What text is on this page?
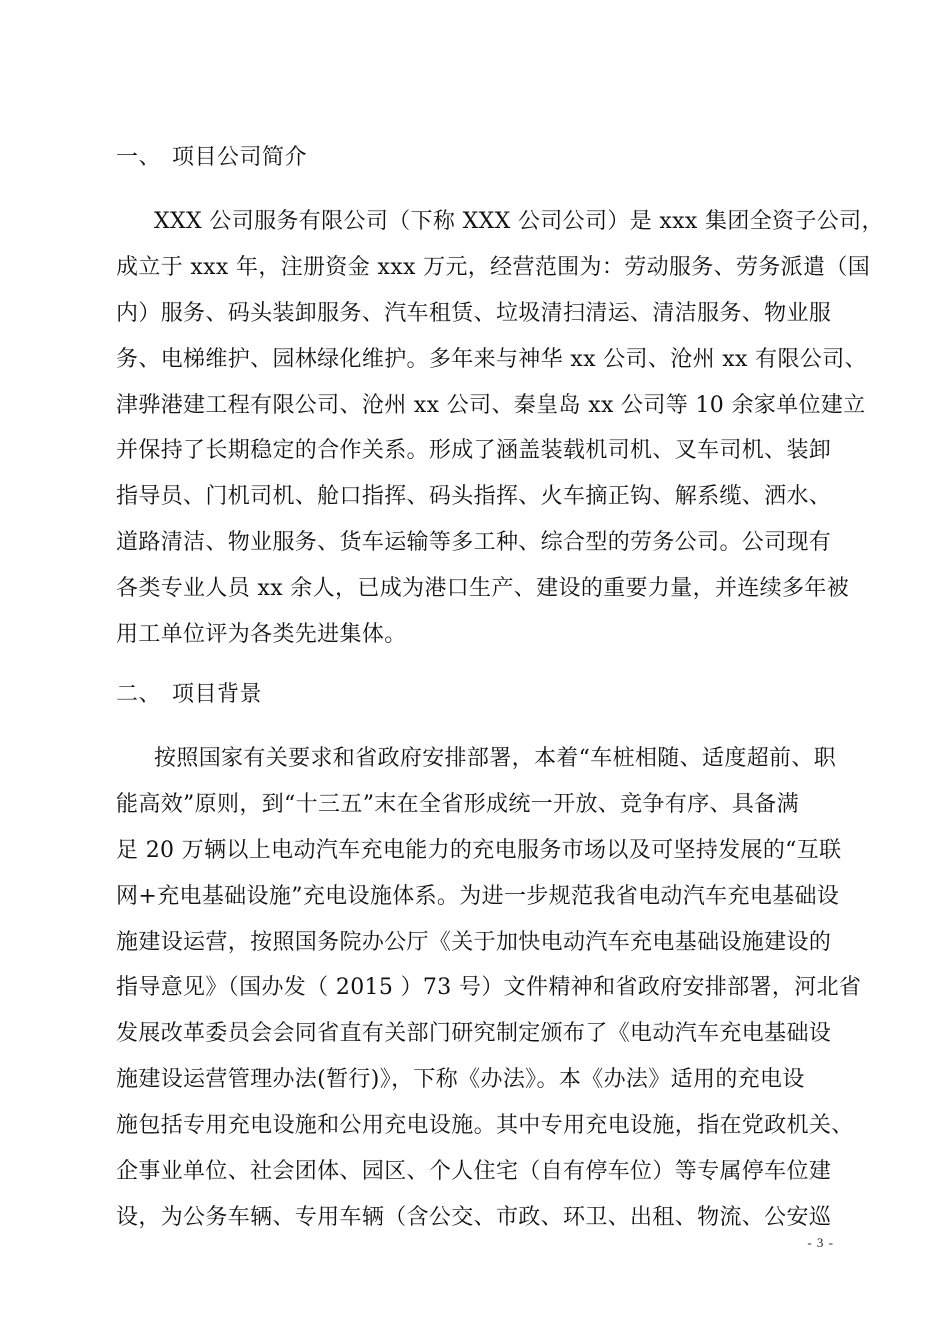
一、 项目公司简介
XXX 公司服务有限公司（下称 XXX 公司公司）是 xxx 集团全资子公司，
成立于 xxx 年，注册资金 xxx 万元，经营范围为：劳动服务、劳务派遣（国
内）服务、码头装卸服务、汽车租赁、垃圾清扫清运、清洁服务、物业服
务、电梯维护、园林绿化维护。多年来与神华 xx 公司、沧州 xx 有限公司、
津骅港建工程有限公司、沧州 xx 公司、秦皇岛 xx 公司等 10 余家单位建立
并保持了长期稳定的合作关系。形成了涵盖装载机司机、叉车司机、装卸
指导员、门机司机、舱口指挥、码头指挥、火车摘正钩、解系缆、洒水、
道路清洁、物业服务、货车运输等多工种、综合型的劳务公司。公司现有
各类专业人员 xx 余人，已成为港口生产、建设的重要力量，并连续多年被
用工单位评为各类先进集体。
二、 项目背景
按照国家有关要求和省政府安排部署，本着“车桩相随、适度超前、职
能高效”原则，到“十三五”末在全省形成统一开放、竞争有序、具备满
足 20 万辆以上电动汽车充电能力的充电服务市场以及可坚持发展的“互联
网+充电基础设施”充电设施体系。为进一步规范我省电动汽车充电基础设
施建设运营，按照国务院办公厅《关于加快电动汽车充电基础设施建设的
指导意见》（国办发（ 2015 ）73 号）文件精神和省政府安排部署，河北省
发展改革委员会会同省直有关部门研究制定颁布了《电动汽车充电基础设
施建设运营管理办法(暂行)》，下称《办法》。本《办法》适用的充电设
施包括专用充电设施和公用充电设施。其中专用充电设施，指在党政机关、
企事业单位、社会团体、园区、个人住宅（自有停车位）等专属停车位建
设，为公务车辆、专用车辆（含公交、市政、环卫、出租、物流、公安巡
- 3 -
